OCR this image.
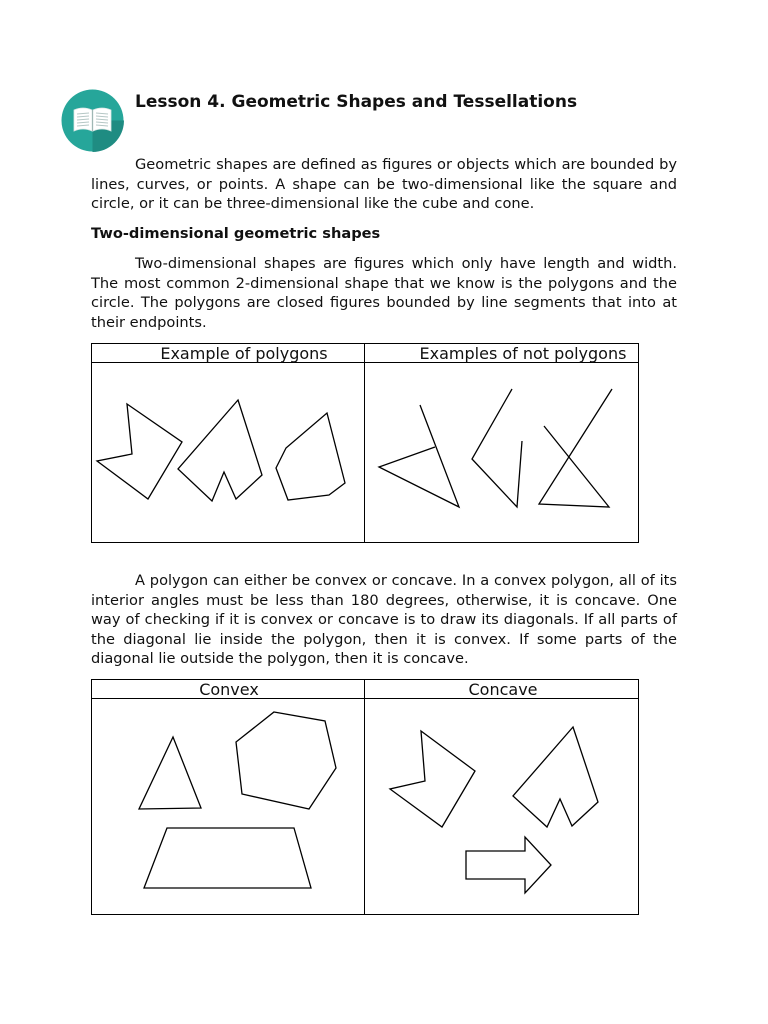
Lesson 4. Geometric Shapes and Tessellations

Geometric shapes are defined as figures or objects which are bounded by lines, curves, or points. A shape can be two-dimensional like the square and circle, or it can be three-dimensional like the cube and cone.

Two-dimensional geometric shapes

Two-dimensional shapes are figures which only have length and width. The most common 2-dimensional shape that we know is the polygons and the circle. The polygons are closed figures bounded by line segments that into at their endpoints.

Example of polygons	Examples of not polygons

A polygon can either be convex or concave. In a convex polygon, all of its interior angles must be less than 180 degrees, otherwise, it is concave. One way of checking if it is convex or concave is to draw its diagonals. If all parts of the diagonal lie inside the polygon, then it is convex. If some parts of the diagonal lie outside the polygon, then it is concave.

Convex	Concave
